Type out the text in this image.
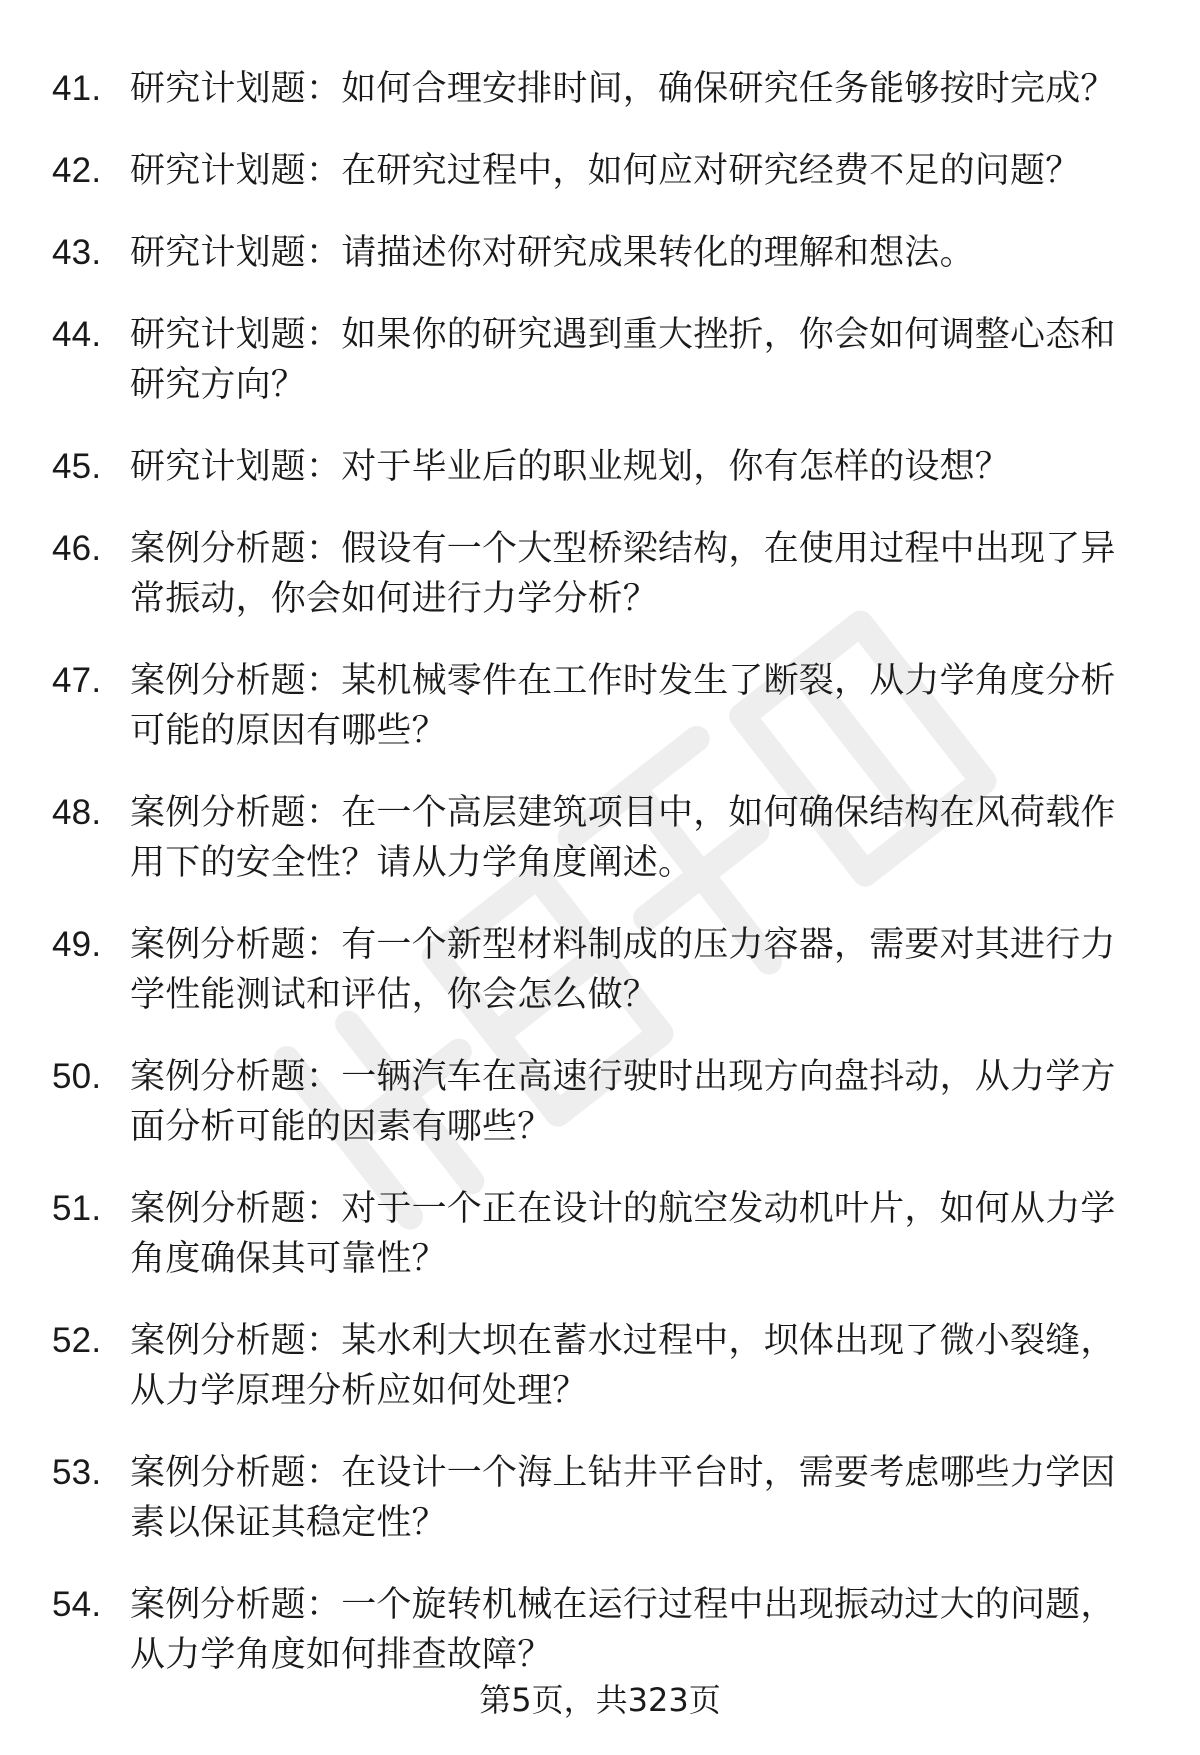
41. 研究计划题：如何合理安排时间，确保研究任务能够按时完成？
42. 研究计划题：在研究过程中，如何应对研究经费不足的问题？
43. 研究计划题：请描述你对研究成果转化的理解和想法。
44. 研究计划题：如果你的研究遇到重大挫折，你会如何调整心态和研究方向？
45. 研究计划题：对于毕业后的职业规划，你有怎样的设想？
46. 案例分析题：假设有一个大型桥梁结构，在使用过程中出现了异常振动，你会如何进行力学分析？
47. 案例分析题：某机械零件在工作时发生了断裂，从力学角度分析可能的原因有哪些？
48. 案例分析题：在一个高层建筑项目中，如何确保结构在风荷载作用下的安全性？请从力学角度阐述。
49. 案例分析题：有一个新型材料制成的压力容器，需要对其进行力学性能测试和评估，你会怎么做？
50. 案例分析题：一辆汽车在高速行驶时出现方向盘抖动，从力学方面分析可能的因素有哪些？
51. 案例分析题：对于一个正在设计的航空发动机叶片，如何从力学角度确保其可靠性？
52. 案例分析题：某水利大坝在蓄水过程中，坝体出现了微小裂缝，从力学原理分析应如何处理？
53. 案例分析题：在设计一个海上钻井平台时，需要考虑哪些力学因素以保证其稳定性？
54. 案例分析题：一个旋转机械在运行过程中出现振动过大的问题，从力学角度如何排查故障？
第5页，共323页
